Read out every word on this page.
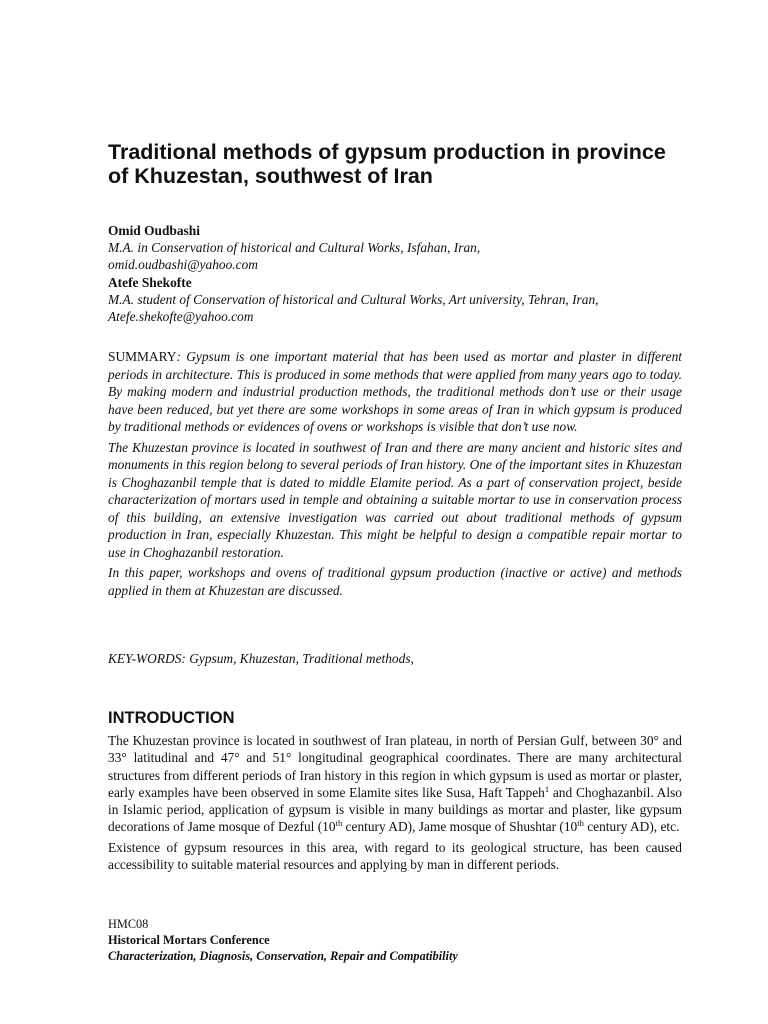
Traditional methods of gypsum production in province of Khuzestan, southwest of Iran
Omid Oudbashi
M.A. in Conservation of historical and Cultural Works, Isfahan, Iran,
omid.oudbashi@yahoo.com
Atefe Shekofte
M.A. student of Conservation of historical and Cultural Works, Art university, Tehran, Iran,
Atefe.shekofte@yahoo.com

SUMMARY: Gypsum is one important material that has been used as mortar and plaster in different periods in architecture. This is produced in some methods that were applied from many years ago to today. By making modern and industrial production methods, the traditional methods don’t use or their usage have been reduced, but yet there are some workshops in some areas of Iran in which gypsum is produced by traditional methods or evidences of ovens or workshops is visible that don’t use now.

The Khuzestan province is located in southwest of Iran and there are many ancient and historic sites and monuments in this region belong to several periods of Iran history. One of the important sites in Khuzestan is Choghazanbil temple that is dated to middle Elamite period. As a part of conservation project, beside characterization of mortars used in temple and obtaining a suitable mortar to use in conservation process of this building, an extensive investigation was carried out about traditional methods of gypsum production in Iran, especially Khuzestan. This might be helpful to design a compatible repair mortar to use in Choghazanbil restoration.

In this paper, workshops and ovens of traditional gypsum production (inactive or active) and methods applied in them at Khuzestan are discussed.

KEY-WORDS: Gypsum, Khuzestan, Traditional methods,

INTRODUCTION

The Khuzestan province is located in southwest of Iran plateau, in north of Persian Gulf, between 30° and 33° latitudinal and 47° and 51° longitudinal geographical coordinates. There are many architectural structures from different periods of Iran history in this region in which gypsum is used as mortar or plaster, early examples have been observed in some Elamite sites like Susa, Haft Tappeh$^1$ and Choghazanbil. Also in Islamic period, application of gypsum is visible in many buildings as mortar and plaster, like gypsum decorations of Jame mosque of Dezful (10th century AD), Jame mosque of Shushtar (10th century AD), etc.

Existence of gypsum resources in this area, with regard to its geological structure, has been caused accessibility to suitable material resources and applying by man in different periods.

HMC08
Historical Mortars Conference
Characterization, Diagnosis, Conservation, Repair and Compatibility
